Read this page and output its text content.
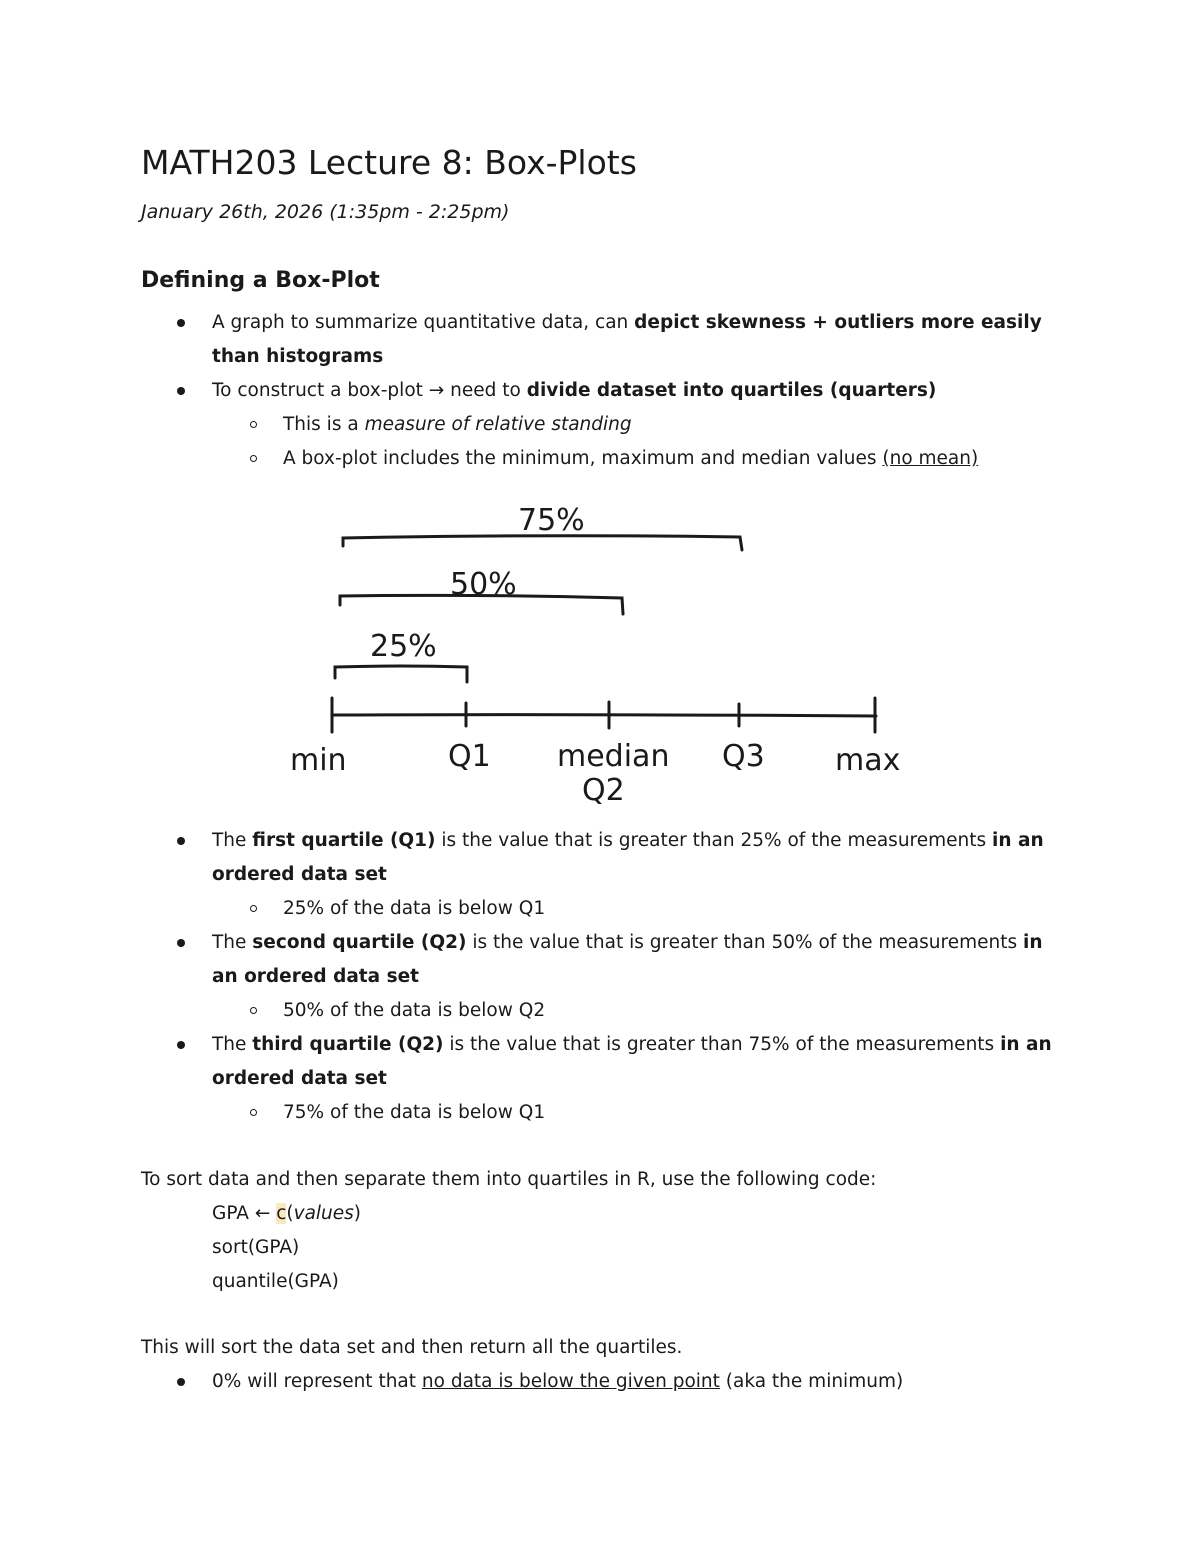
MATH203 Lecture 8: Box-Plots
January 26th, 2026 (1:35pm - 2:25pm)
Defining a Box-Plot
A graph to summarize quantitative data, can depict skewness + outliers more easily
than histograms
To construct a box-plot → need to divide dataset into quartiles (quarters)
This is a measure of relative standing
A box-plot includes the minimum, maximum and median values (no mean)
75%
50%
25%
min	Q1 median
Q2
Q3 max
The first quartile (Q1) is the value that is greater than 25% of the measurements in an
ordered data set
25% of the data is below Q1
The second quartile (Q2) is the value that is greater than 50% of the measurements in
an ordered data set
50% of the data is below Q2
The third quartile (Q2) is the value that is greater than 75% of the measurements in an
ordered data set
75% of the data is below Q1
To sort data and then separate them into quartiles in R, use the following code:
GPA ← c(values)
sort(GPA)
quantile(GPA)
This will sort the data set and then return all the quartiles.
0% will represent that no data is below the given point (aka the minimum)
